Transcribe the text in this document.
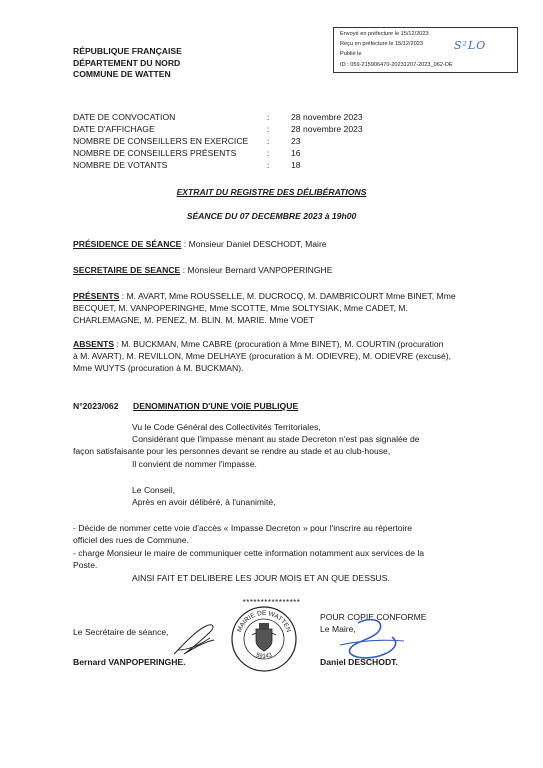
Envoyé en préfecture le 15/12/2023
Reçu en préfecture le 15/12/2023
Publié le
ID : 059-215906470-20231207-2023_062-DE
S²LO
RÉPUBLIQUE FRANÇAISE
DÉPARTEMENT DU NORD
COMMUNE DE WATTEN
DATE DE CONVOCATION	:	28 novembre 2023
DATE D'AFFICHAGE	:	28 novembre 2023
NOMBRE DE CONSEILLERS EN EXERCICE :	23
NOMBRE DE CONSEILLERS PRÉSENTS	:	16
NOMBRE DE VOTANTS	:	18
EXTRAIT DU REGISTRE DES DÉLIBÉRATIONS
SÉANCE DU 07 DECEMBRE 2023 à 19h00
PRÉSIDENCE DE SÉANCE : Monsieur Daniel DESCHODT, Maire
SECRETAIRE DE SEANCE : Monsieur Bernard VANPOPERINGHE
PRÉSENTS : M. AVART, Mme ROUSSELLE, M. DUCROCQ, M. DAMBRICOURT Mme BINET, Mme
BECQUET, M. VANPOPERINGHE, Mme SCOTTE, Mme SOLTYSIAK, Mme CADET, M.
CHARLEMAGNE, M. PENEZ, M. BLIN. M. MARIE. Mme VOET
ABSENTS : M. BUCKMAN, Mme CABRE (procuration à Mme BINET), M. COURTIN (procuration
à M. AVART), M. REVILLON, Mme DELHAYE (procuration à M. ODIEVRE), M. ODIEVRE (excusé),
Mme WUYTS (procuration à M. BUCKMAN).
N°2023/062 DENOMINATION D'UNE VOIE PUBLIQUE
Vu le Code Général des Collectivités Territoriales,
Considérant que l'impasse menant au stade Decreton n'est pas signalée de
façon satisfaisante pour les personnes devant se rendre au stade et au club-house,
Il convient de nommer l'impasse.
Le Conseil,
Après en avoir délibéré, à l'unanimité,
- Décide de nommer cette voie d'accès « Impasse Decreton » pour l'inscrire au répertoire
officiel des rues de Commune.
- charge Monsieur le maire de communiquer cette information notamment aux services de la
Poste.
AINSI FAIT ET DELIBERE LES JOUR MOIS ET AN QUE DESSUS.
****************
Le Secrétaire de séance,
Bernard VANPOPERINGHE.
POUR COPIE CONFORME
Le Maire,
Daniel DESCHODT.
MAIRIE DE WATTEN
59143
